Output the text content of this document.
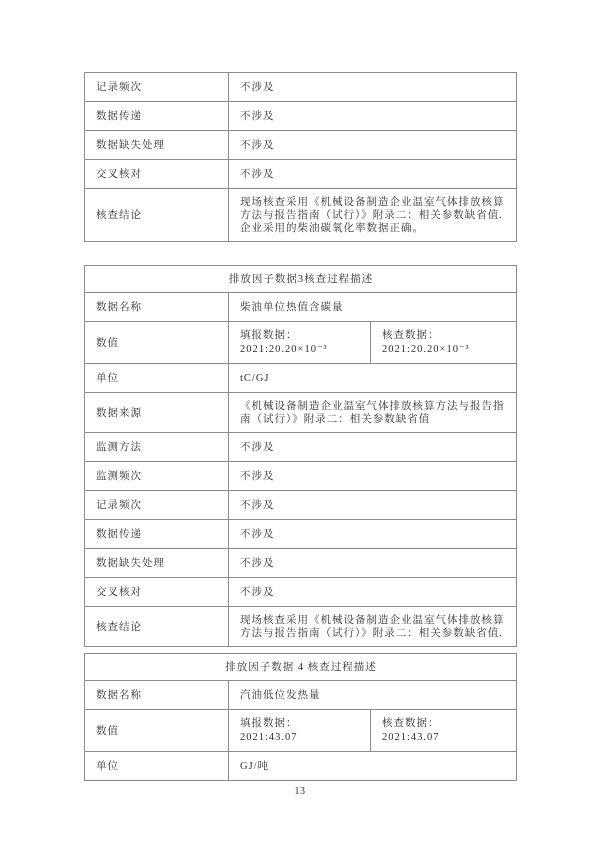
记录频次	不涉及
数据传递	不涉及
数据缺失处理	不涉及
交叉核对	不涉及
核查结论	现场核查采用《机械设备制造企业温室气体排放核算方法与报告指南（试行）》附录二：相关参数缺省值.企业采用的柴油碳氧化率数据正确。
排放因子数据3核查过程描述		
数据名称	柴油单位热值含碳量	
数值	
填报数据：
2021:20.20×10⁻³

核查数据：
2021:20.20×10⁻³

单位	tC/GJ	
数据来源	《机械设备制造企业温室气体排放核算方法与报告指南（试行）》附录二：相关参数缺省值	
监测方法	不涉及	
监测频次	不涉及	
记录频次	不涉及	
数据传递	不涉及	
数据缺失处理	不涉及	
交叉核对	不涉及	
核查结论	现场核查采用《机械设备制造企业温室气体排放核算方法与报告指南（试行）》附录二：相关参数缺省值.	
排放因子数据 4 核查过程描述		
数据名称	汽油低位发热量	
数值	
填报数据：
2021:43.07

核查数据：
2021:43.07

单位	GJ/吨	
13
